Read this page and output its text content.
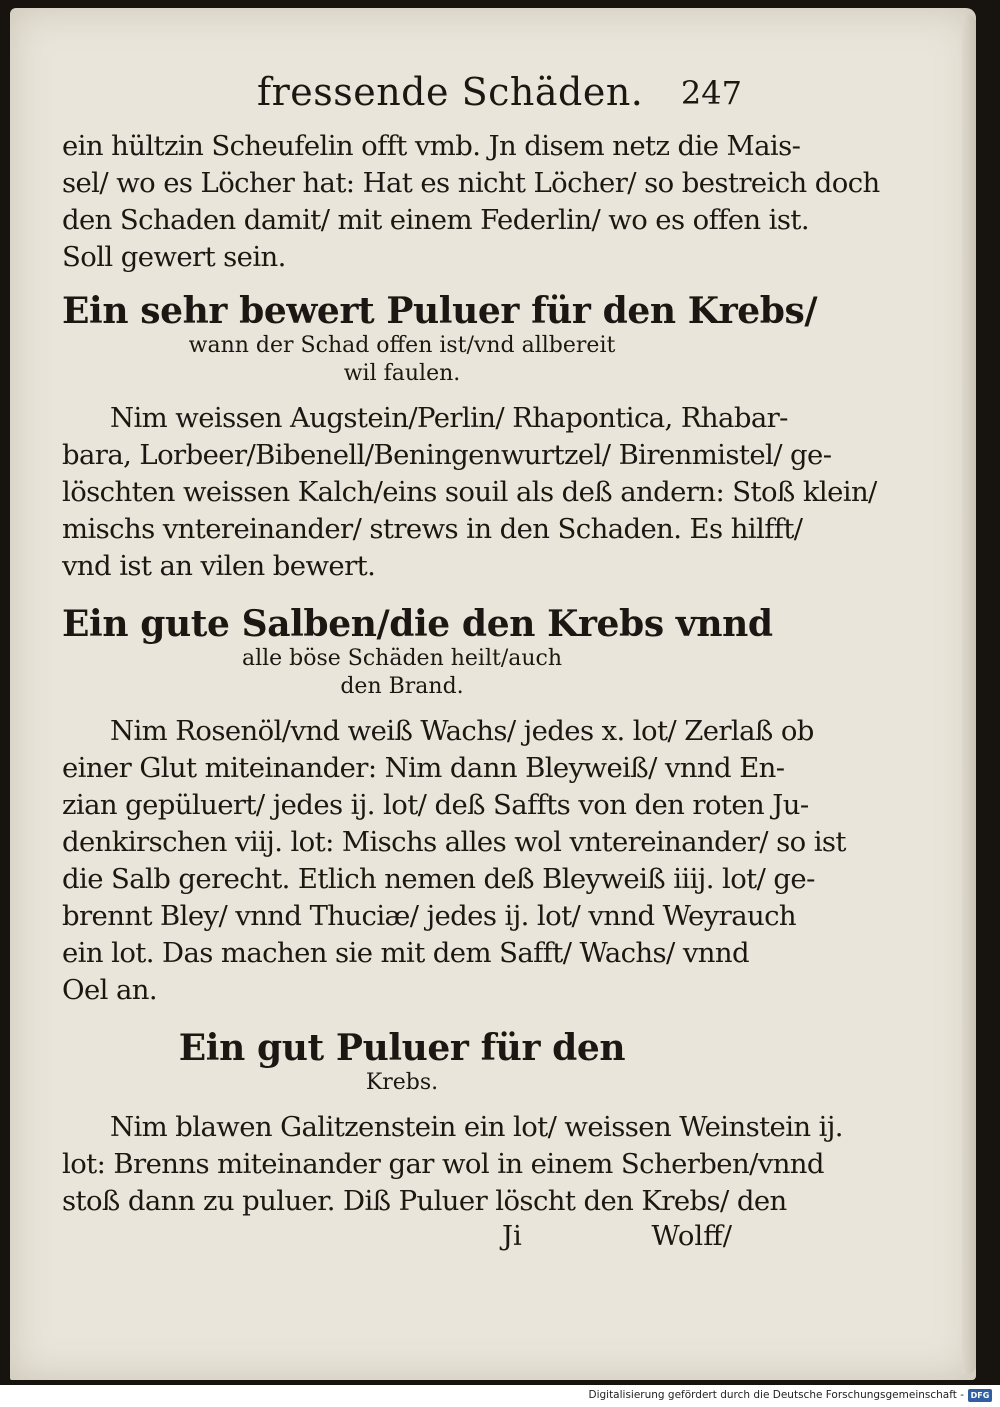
fressende Schäden. 247
ein hültzin Scheufelin offt vmb. Jn disem netz die Mais-
sel/ wo es Löcher hat: Hat es nicht Löcher/ so bestreich doch
den Schaden damit/ mit einem Federlin/ wo es offen ist.
Soll gewert sein.
Ein sehr bewert Puluer für den Krebs/
wann der Schad offen ist/vnd allbereit
wil faulen.
Nim weissen Augstein/Perlin/ Rhapontica, Rhabar-
bara, Lorbeer/Bibenell/Beningenwurtzel/ Birenmistel/ ge-
löschten weissen Kalch/eins souil als deß andern: Stoß klein/
mischs vntereinander/ strews in den Schaden. Es hilfft/
vnd ist an vilen bewert.
Ein gute Salben/die den Krebs vnnd
alle böse Schäden heilt/auch
den Brand.
Nim Rosenöl/vnd weiß Wachs/ jedes x. lot/ Zerlaß ob
einer Glut miteinander: Nim dann Bleyweiß/ vnnd En-
zian gepüluert/ jedes ij. lot/ deß Saffts von den roten Ju-
denkirschen viij. lot: Mischs alles wol vntereinander/ so ist
die Salb gerecht. Etlich nemen deß Bleyweiß iiij. lot/ ge-
brennt Bley/ vnnd Thuciæ/ jedes ij. lot/ vnnd Weyrauch
ein lot. Das machen sie mit dem Safft/ Wachs/ vnnd
Oel an.
Ein gut Puluer für den
Krebs.
Nim blawen Galitzenstein ein lot/ weissen Weinstein ij.
lot: Brenns miteinander gar wol in einem Scherben/vnnd
stoß dann zu puluer. Diß Puluer löscht den Krebs/ den
Ji	Wolff/
Digitalisierung gefördert durch die Deutsche Forschungsgemeinschaft - DFG
